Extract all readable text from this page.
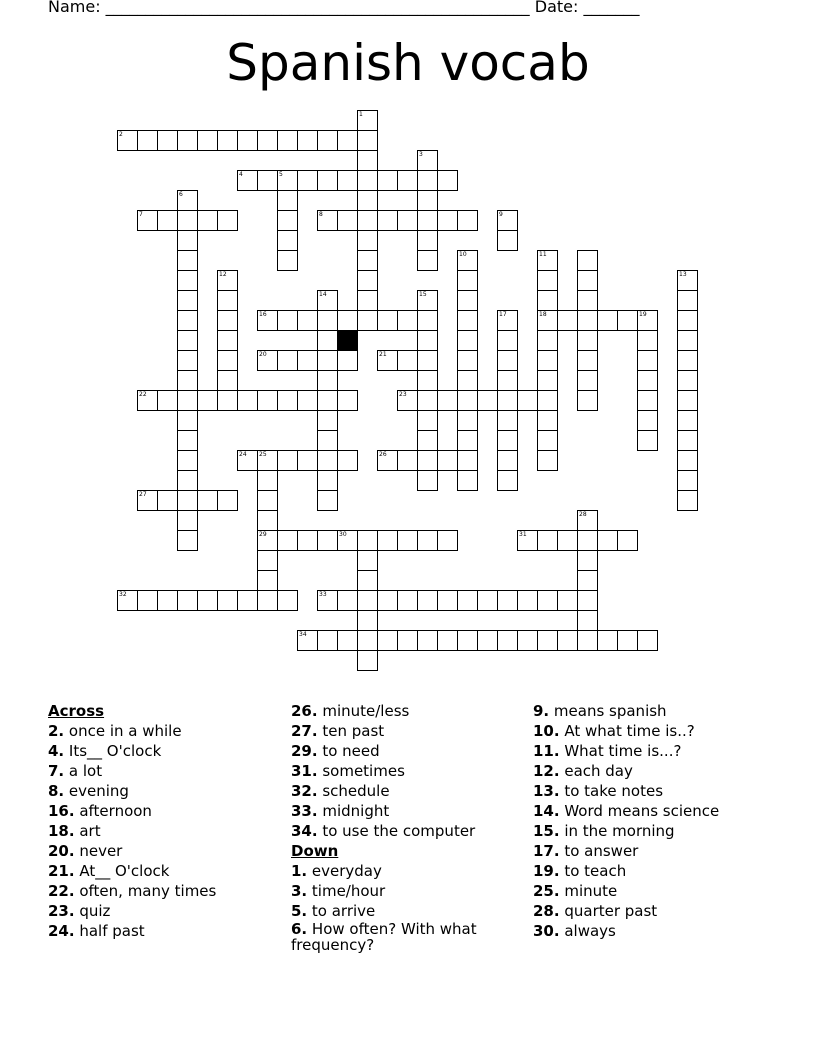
Name: _____________________________________________________ Date: _______

Spanish vocab
1
2
3
4	5
6
7	8	9
10	11
12	13
14	15
16	17	18	19
20	21
22	23
24 25	26
27
28
29	30	31
32	33
34
Across
2. once in a while
4. Its__ O'clock
7. a lot
8. evening
16. afternoon
18. art
20. never
21. At__ O'clock
22. often, many times
23. quiz
24. half past
26. minute/less
27. ten past
29. to need
31. sometimes
32. schedule
33. midnight
34. to use the computer
Down
1. everyday
3. time/hour
5. to arrive
6. How often? With what frequency?
9. means spanish
10. At what time is..?
11. What time is...?
12. each day
13. to take notes
14. Word means science
15. in the morning
17. to answer
19. to teach
25. minute
28. quarter past
30. always
